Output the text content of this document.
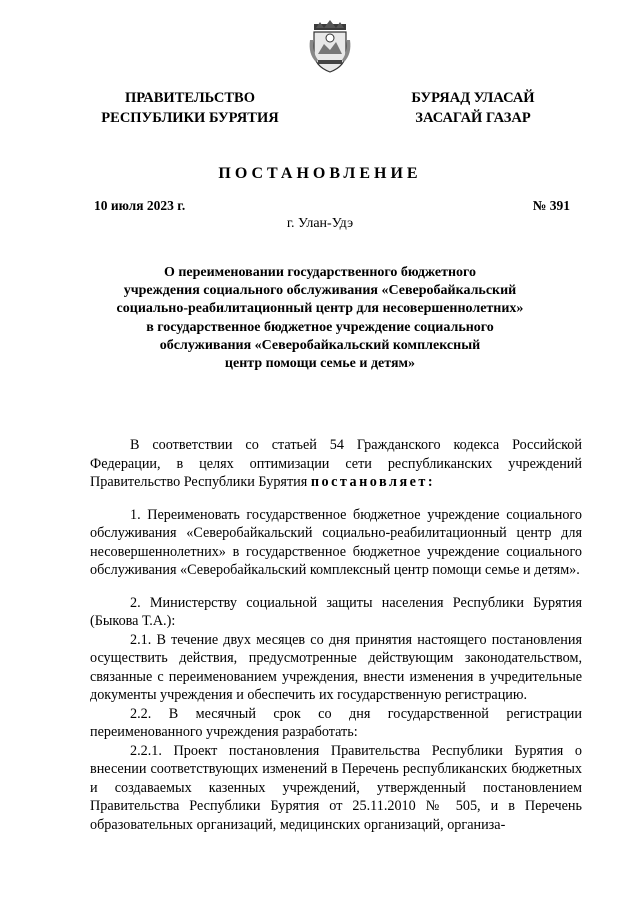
ПРАВИТЕЛЬСТВО
РЕСПУБЛИКИ БУРЯТИЯ
БУРЯАД УЛАСАЙ
ЗАСАГАЙ ГАЗАР
ПОСТАНОВЛЕНИЕ
10 июля 2023 г.	№ 391
г. Улан-Удэ
О переименовании государственного бюджетного
учреждения социального обслуживания «Северобайкальский
социально-реабилитационный центр для несовершеннолетних»
в государственное бюджетное учреждение социального
обслуживания «Северобайкальский комплексный
центр помощи семье и детям»

В соответствии со статьей 54 Гражданского кодекса Российской Федерации, в целях оптимизации сети республиканских учреждений Правительство Республики Бурятия постановляет:

1. Переименовать государственное бюджетное учреждение социального обслуживания «Северобайкальский социально-реабилитационный центр для несовершеннолетних» в государственное бюджетное учреждение социального обслуживания «Северобайкальский комплексный центр помощи семье и детям».

2. Министерству социальной защиты населения Республики Бурятия (Быкова Т.А.):

2.1. В течение двух месяцев со дня принятия настоящего постановления осуществить действия, предусмотренные действующим законодательством, связанные с переименованием учреждения, внести изменения в учредительные документы учреждения и обеспечить их государственную регистрацию.

2.2. В месячный срок со дня государственной регистрации переименованного учреждения разработать:

2.2.1. Проект постановления Правительства Республики Бурятия о внесении соответствующих изменений в Перечень республиканских бюджетных и создаваемых казенных учреждений, утвержденный постановлением Правительства Республики Бурятия от 25.11.2010 № 505, и в Перечень образовательных организаций, медицинских организаций, организа-
